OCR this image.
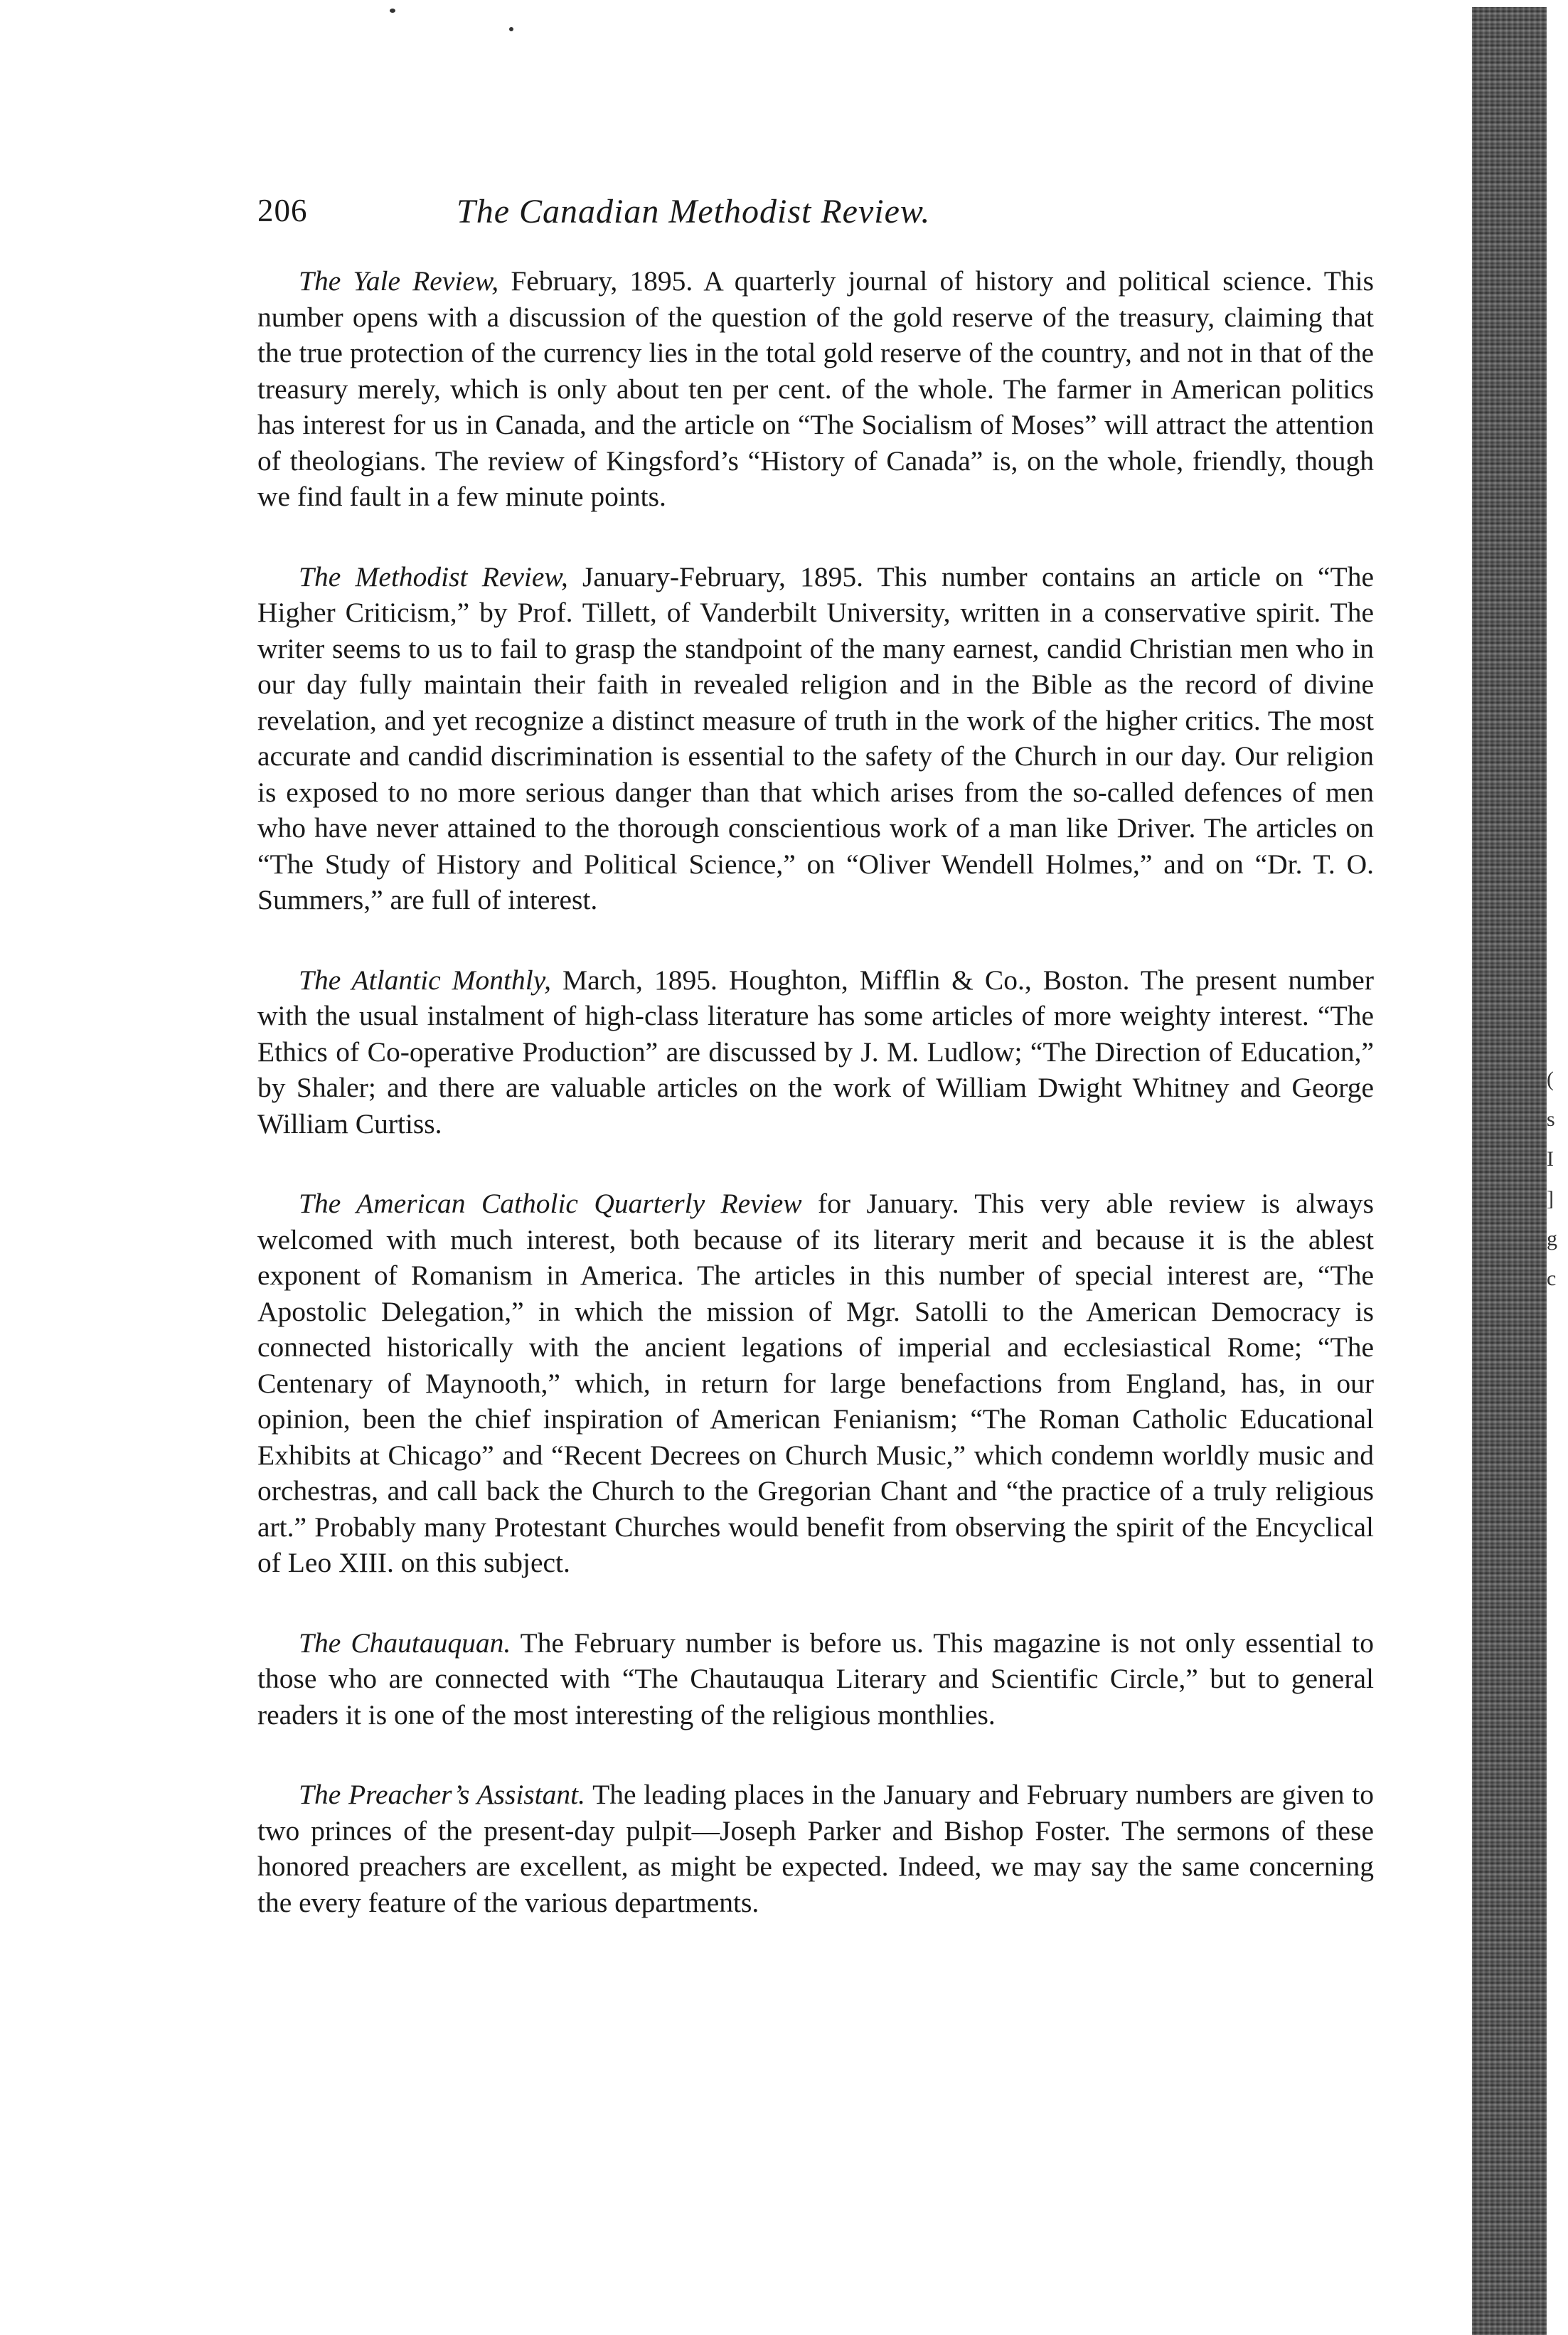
206	The Canadian Methodist Review.

The Yale Review, February, 1895. A quarterly journal of history and political science. This number opens with a discussion of the question of the gold reserve of the treasury, claiming that the true protection of the currency lies in the total gold reserve of the country, and not in that of the treasury merely, which is only about ten per cent. of the whole. The farmer in American politics has interest for us in Canada, and the article on “The Socialism of Moses” will attract the attention of theologians. The review of Kingsford’s “History of Canada” is, on the whole, friendly, though we find fault in a few minute points.

The Methodist Review, January-February, 1895. This number contains an article on “The Higher Criticism,” by Prof. Tillett, of Vanderbilt University, written in a conservative spirit. The writer seems to us to fail to grasp the standpoint of the many earnest, candid Christian men who in our day fully maintain their faith in revealed religion and in the Bible as the record of divine revelation, and yet recognize a distinct measure of truth in the work of the higher critics. The most accurate and candid discrimination is essential to the safety of the Church in our day. Our religion is exposed to no more serious danger than that which arises from the so-called defences of men who have never attained to the thorough conscientious work of a man like Driver. The articles on “The Study of History and Political Science,” on “Oliver Wendell Holmes,” and on “Dr. T. O. Summers,” are full of interest.

The Atlantic Monthly, March, 1895. Houghton, Mifflin & Co., Boston. The present number with the usual instalment of high-class literature has some articles of more weighty interest. “The Ethics of Co-operative Production” are discussed by J. M. Ludlow; “The Direction of Education,” by Shaler; and there are valuable articles on the work of William Dwight Whitney and George William Curtiss.

The American Catholic Quarterly Review for January. This very able review is always welcomed with much interest, both because of its literary merit and because it is the ablest exponent of Romanism in America. The articles in this number of special interest are, “The Apostolic Delegation,” in which the mission of Mgr. Satolli to the American Democracy is connected historically with the ancient legations of imperial and ecclesiastical Rome; “The Centenary of Maynooth,” which, in return for large benefactions from England, has, in our opinion, been the chief inspiration of American Fenianism; “The Roman Catholic Educational Exhibits at Chicago” and “Recent Decrees on Church Music,” which condemn worldly music and orchestras, and call back the Church to the Gregorian Chant and “the practice of a truly religious art.” Probably many Protestant Churches would benefit from observing the spirit of the Encyclical of Leo XIII. on this subject.

The Chautauquan. The February number is before us. This magazine is not only essential to those who are connected with “The Chautauqua Literary and Scientific Circle,” but to general readers it is one of the most interesting of the religious monthlies.

The Preacher’s Assistant. The leading places in the January and February numbers are given to two princes of the present-day pulpit—Joseph Parker and Bishop Foster. The sermons of these honored preachers are excellent, as might be expected. Indeed, we may say the same concerning the every feature of the various departments.

(
s
I
]
g
c
